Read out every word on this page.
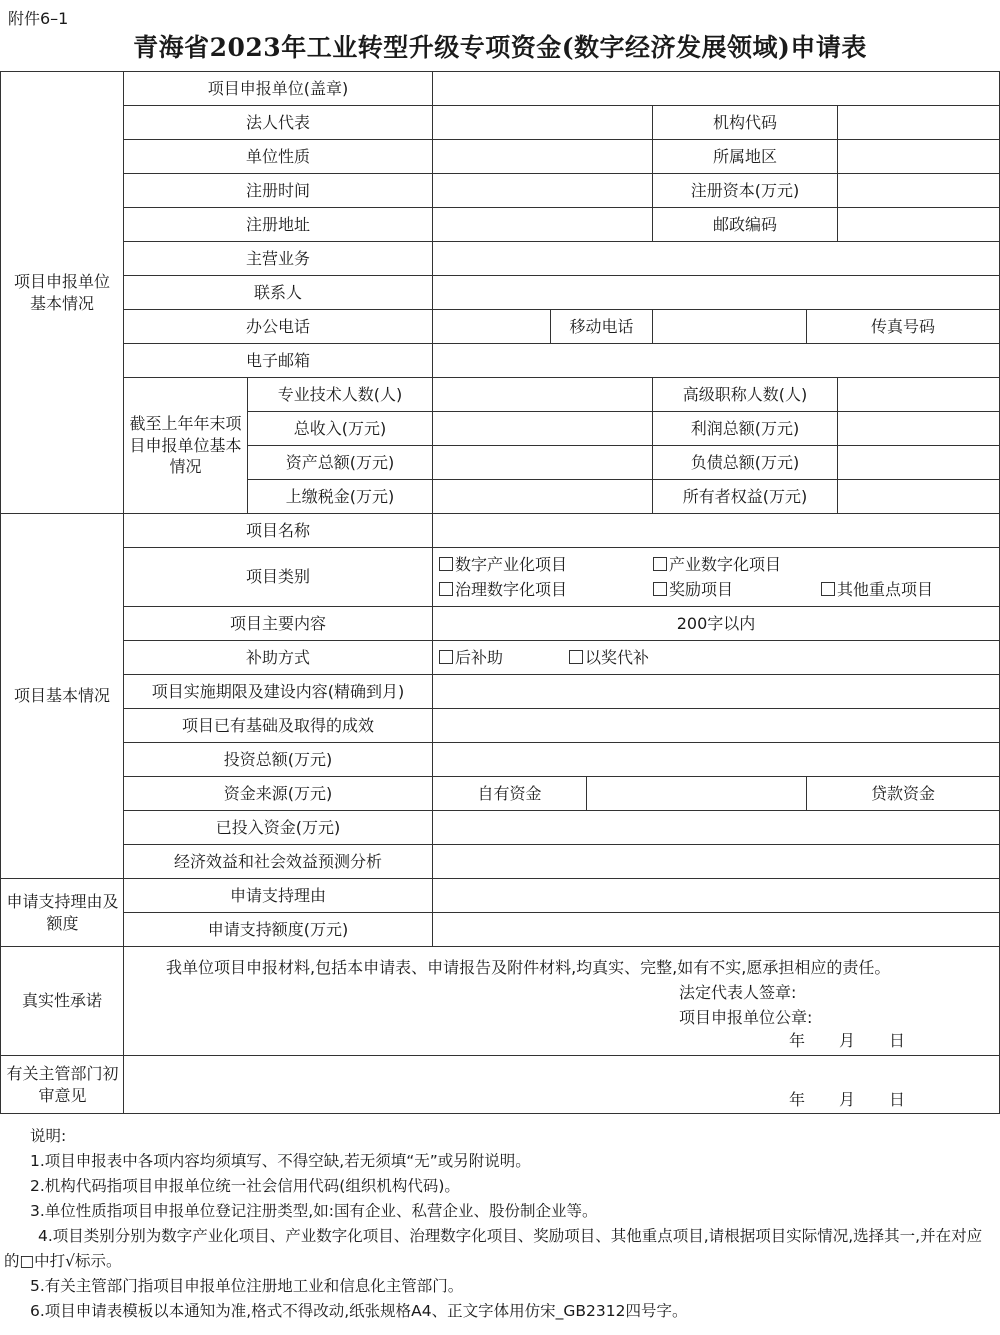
附件6–1
青海省2023年工业转型升级专项资金(数字经济发展领域)申请表
项目申报单位基本情况	项目申报单位(盖章)								
	法人代表					机构代码			
	单位性质					所属地区			
	注册时间					注册资本(万元)			
	注册地址					邮政编码			
	主营业务								
	联系人								
	办公电话			移动电话			传真号码		
	电子邮箱								
	截至上年年末项目申报单位基本情况	专业技术人数(人)				高级职称人数(人)			
		总收入(万元)				利润总额(万元)			
		资产总额(万元)				负债总额(万元)			
		上缴税金(万元)				所有者权益(万元)			
项目基本情况	项目名称								
	项目类别		数字产业化项目 产业数字化项目
治理数字化项目 奖励项目 其他重点项目						

	项目主要内容		200字以内						
	补助方式		后补助 以奖代补						
	项目实施期限及建设内容(精确到月)								
	项目已有基础及取得的成效								
	投资总额(万元)								
	资金来源(万元)		自有资金				贷款资金		
	已投入资金(万元)								
	经济效益和社会效益预测分析								
申请支持理由及额度	申请支持理由								
	申请支持额度(万元)								
真实性承诺	我单位项目申报材料,包括本申请表、申请报告及附件材料,均真实、完整,如有不实,愿承担相应的责任。
法定代表人签章:
项目申报单位公章:
年 月 日								

有关主管部门初审意见	年 月 日								

说明:

1.项目申报表中各项内容均须填写、不得空缺,若无须填“无”或另附说明。

2.机构代码指项目申报单位统一社会信用代码(组织机构代码)。

3.单位性质指项目申报单位登记注册类型,如:国有企业、私营企业、股份制企业等。

4.项目类别分别为数字产业化项目、产业数字化项目、治理数字化项目、奖励项目、其他重点项目,请根据项目实际情况,选择其一,并在对应的□中打√标示。

5.有关主管部门指项目申报单位注册地工业和信息化主管部门。

6.项目申请表模板以本通知为准,格式不得改动,纸张规格A4、正文字体用仿宋_GB2312四号字。
